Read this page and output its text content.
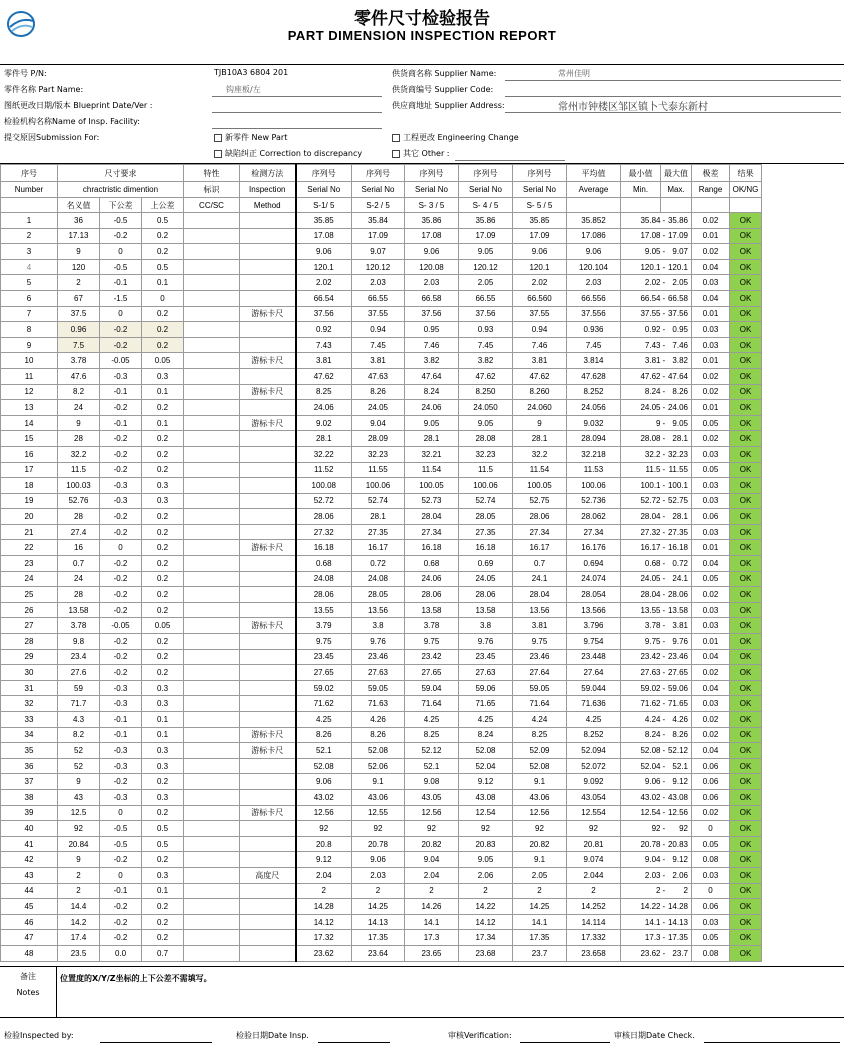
零件尺寸检验报告
PART DIMENSION INSPECTION REPORT
零件号 P/N:	TJB10A3 6804 201
零件名称 Part Name:	钩座板/左
图纸更改日期/版本 Blueprint Date/Ver :
检验机构名称Name of Insp. Facility:
提交原因Submission For:
供货商名称 Supplier Name:	常州佳明
供货商编号 Supplier Code:
供应商地址 Supplier Address:	常州市钟楼区邹区镇卜弋泰东新村
新零件 New Part	工程更改 Engineering Change
缺陷纠正 Correction to discrepancy	其它 Other :
序号	尺寸要求			特性	检测方法	序列号	序列号	序列号	序列号	序列号	平均值	最小值	最大值	极差	结果
Number	chractristic dimention			标识	Inspection	Serial No	Serial No	Serial No	Serial No	Serial No	Average	Min.	Max.	Range	OK/NG
	名义值	下公差	上公差	CC/SC	Method	S-1/ 5	S-2 / 5	S- 3 / 5	S- 4 / 5	S- 5 / 5					
1	36	-0.5	0.5			35.85	35.84	35.86	35.86	35.85	35.852	35.84	- 35.86	0.02	OK
2	17.13	-0.2	0.2			17.08	17.09	17.08	17.09	17.09	17.086	17.08	- 17.09	0.01	OK
3	9	0	0.2			9.06	9.07	9.06	9.05	9.06	9.06	9.05	- 9.07	0.02	OK
4	120	-0.5	0.5			120.1	120.12	120.08	120.12	120.1	120.104	120.1	- 120.1	0.04	OK
5	2	-0.1	0.1			2.02	2.03	2.03	2.05	2.02	2.03	2.02	- 2.05	0.03	OK
6	67	-1.5	0			66.54	66.55	66.58	66.55	66.560	66.556	66.54	- 66.58	0.04	OK
7	37.5	0	0.2		游标卡尺	37.56	37.55	37.56	37.56	37.55	37.556	37.55	- 37.56	0.01	OK
8	0.96	-0.2	0.2			0.92	0.94	0.95	0.93	0.94	0.936	0.92	- 0.95	0.03	OK
9	7.5	-0.2	0.2			7.43	7.45	7.46	7.45	7.46	7.45	7.43	- 7.46	0.03	OK
10	3.78	-0.05	0.05		游标卡尺	3.81	3.81	3.82	3.82	3.81	3.814	3.81	- 3.82	0.01	OK
11	47.6	-0.3	0.3			47.62	47.63	47.64	47.62	47.62	47.628	47.62	- 47.64	0.02	OK
12	8.2	-0.1	0.1		游标卡尺	8.25	8.26	8.24	8.250	8.260	8.252	8.24	- 8.26	0.02	OK
13	24	-0.2	0.2			24.06	24.05	24.06	24.050	24.060	24.056	24.05	- 24.06	0.01	OK
14	9	-0.1	0.1		游标卡尺	9.02	9.04	9.05	9.05	9	9.032	9	- 9.05	0.05	OK
15	28	-0.2	0.2			28.1	28.09	28.1	28.08	28.1	28.094	28.08	- 28.1	0.02	OK
16	32.2	-0.2	0.2			32.22	32.23	32.21	32.23	32.2	32.218	32.2	- 32.23	0.03	OK
17	11.5	-0.2	0.2			11.52	11.55	11.54	11.5	11.54	11.53	11.5	- 11.55	0.05	OK
18	100.03	-0.3	0.3			100.08	100.06	100.05	100.06	100.05	100.06	100.1	- 100.1	0.03	OK
19	52.76	-0.3	0.3			52.72	52.74	52.73	52.74	52.75	52.736	52.72	- 52.75	0.03	OK
20	28	-0.2	0.2			28.06	28.1	28.04	28.05	28.06	28.062	28.04	- 28.1	0.06	OK
21	27.4	-0.2	0.2			27.32	27.35	27.34	27.35	27.34	27.34	27.32	- 27.35	0.03	OK
22	16	0	0.2		游标卡尺	16.18	16.17	16.18	16.18	16.17	16.176	16.17	- 16.18	0.01	OK
23	0.7	-0.2	0.2			0.68	0.72	0.68	0.69	0.7	0.694	0.68	- 0.72	0.04	OK
24	24	-0.2	0.2			24.08	24.08	24.06	24.05	24.1	24.074	24.05	- 24.1	0.05	OK
25	28	-0.2	0.2			28.06	28.05	28.06	28.06	28.04	28.054	28.04	- 28.06	0.02	OK
26	13.58	-0.2	0.2			13.55	13.56	13.58	13.58	13.56	13.566	13.55	- 13.58	0.03	OK
27	3.78	-0.05	0.05		游标卡尺	3.79	3.8	3.78	3.8	3.81	3.796	3.78	- 3.81	0.03	OK
28	9.8	-0.2	0.2			9.75	9.76	9.75	9.76	9.75	9.754	9.75	- 9.76	0.01	OK
29	23.4	-0.2	0.2			23.45	23.46	23.42	23.45	23.46	23.448	23.42	- 23.46	0.04	OK
30	27.6	-0.2	0.2			27.65	27.63	27.65	27.63	27.64	27.64	27.63	- 27.65	0.02	OK
31	59	-0.3	0.3			59.02	59.05	59.04	59.06	59.05	59.044	59.02	- 59.06	0.04	OK
32	71.7	-0.3	0.3			71.62	71.63	71.64	71.65	71.64	71.636	71.62	- 71.65	0.03	OK
33	4.3	-0.1	0.1			4.25	4.26	4.25	4.25	4.24	4.25	4.24	- 4.26	0.02	OK
34	8.2	-0.1	0.1		游标卡尺	8.26	8.26	8.25	8.24	8.25	8.252	8.24	- 8.26	0.02	OK
35	52	-0.3	0.3		游标卡尺	52.1	52.08	52.12	52.08	52.09	52.094	52.08	- 52.12	0.04	OK
36	52	-0.3	0.3			52.08	52.06	52.1	52.04	52.08	52.072	52.04	- 52.1	0.06	OK
37	9	-0.2	0.2			9.06	9.1	9.08	9.12	9.1	9.092	9.06	- 9.12	0.06	OK
38	43	-0.3	0.3			43.02	43.06	43.05	43.08	43.06	43.054	43.02	- 43.08	0.06	OK
39	12.5	0	0.2		游标卡尺	12.56	12.55	12.56	12.54	12.56	12.554	12.54	- 12.56	0.02	OK
40	92	-0.5	0.5			92	92	92	92	92	92	92	- 92	0	OK
41	20.84	-0.5	0.5			20.8	20.78	20.82	20.83	20.82	20.81	20.78	- 20.83	0.05	OK
42	9	-0.2	0.2			9.12	9.06	9.04	9.05	9.1	9.074	9.04	- 9.12	0.08	OK
43	2	0	0.3		高度尺	2.04	2.03	2.04	2.06	2.05	2.044	2.03	- 2.06	0.03	OK
44	2	-0.1	0.1			2	2	2	2	2	2	2	- 2	0	OK
45	14.4	-0.2	0.2			14.28	14.25	14.26	14.22	14.25	14.252	14.22	- 14.28	0.06	OK
46	14.2	-0.2	0.2			14.12	14.13	14.1	14.12	14.1	14.114	14.1	- 14.13	0.03	OK
47	17.4	-0.2	0.2			17.32	17.35	17.3	17.34	17.35	17.332	17.3	- 17.35	0.05	OK
48	23.5	0.0	0.7			23.62	23.64	23.65	23.68	23.7	23.658	23.62	- 23.7	0.08	OK
备注
Notes
位置度的X/Y/Z坐标的上下公差不需填写。
检验Inspected by:	检验日期Date Insp.	审核Verification:	审核日期Date Check.
